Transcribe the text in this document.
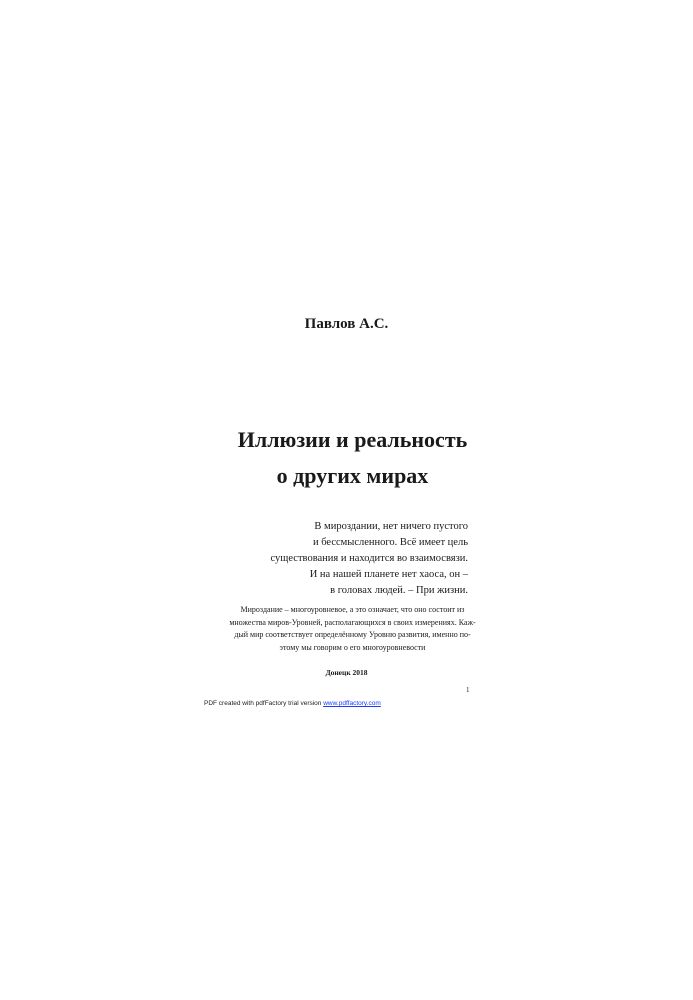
Павлов А.С.
Иллюзии и реальность
о других мирах
В мироздании, нет ничего пустого
и бессмысленного. Всё имеет цель
существования и находится во взаимосвязи.
И на нашей планете нет хаоса, он –
в головах людей. – При жизни.
Мироздание – многоуровневое, а это означает, что оно состоит из
множества миров-Уровней, располагающихся в своих измерениях. Каж-
дый мир соответствует определённому Уровню развития, именно по-
этому мы говорим о его многоуровневости
Донецк 2018
1
PDF created with pdfFactory trial version www.pdffactory.com
